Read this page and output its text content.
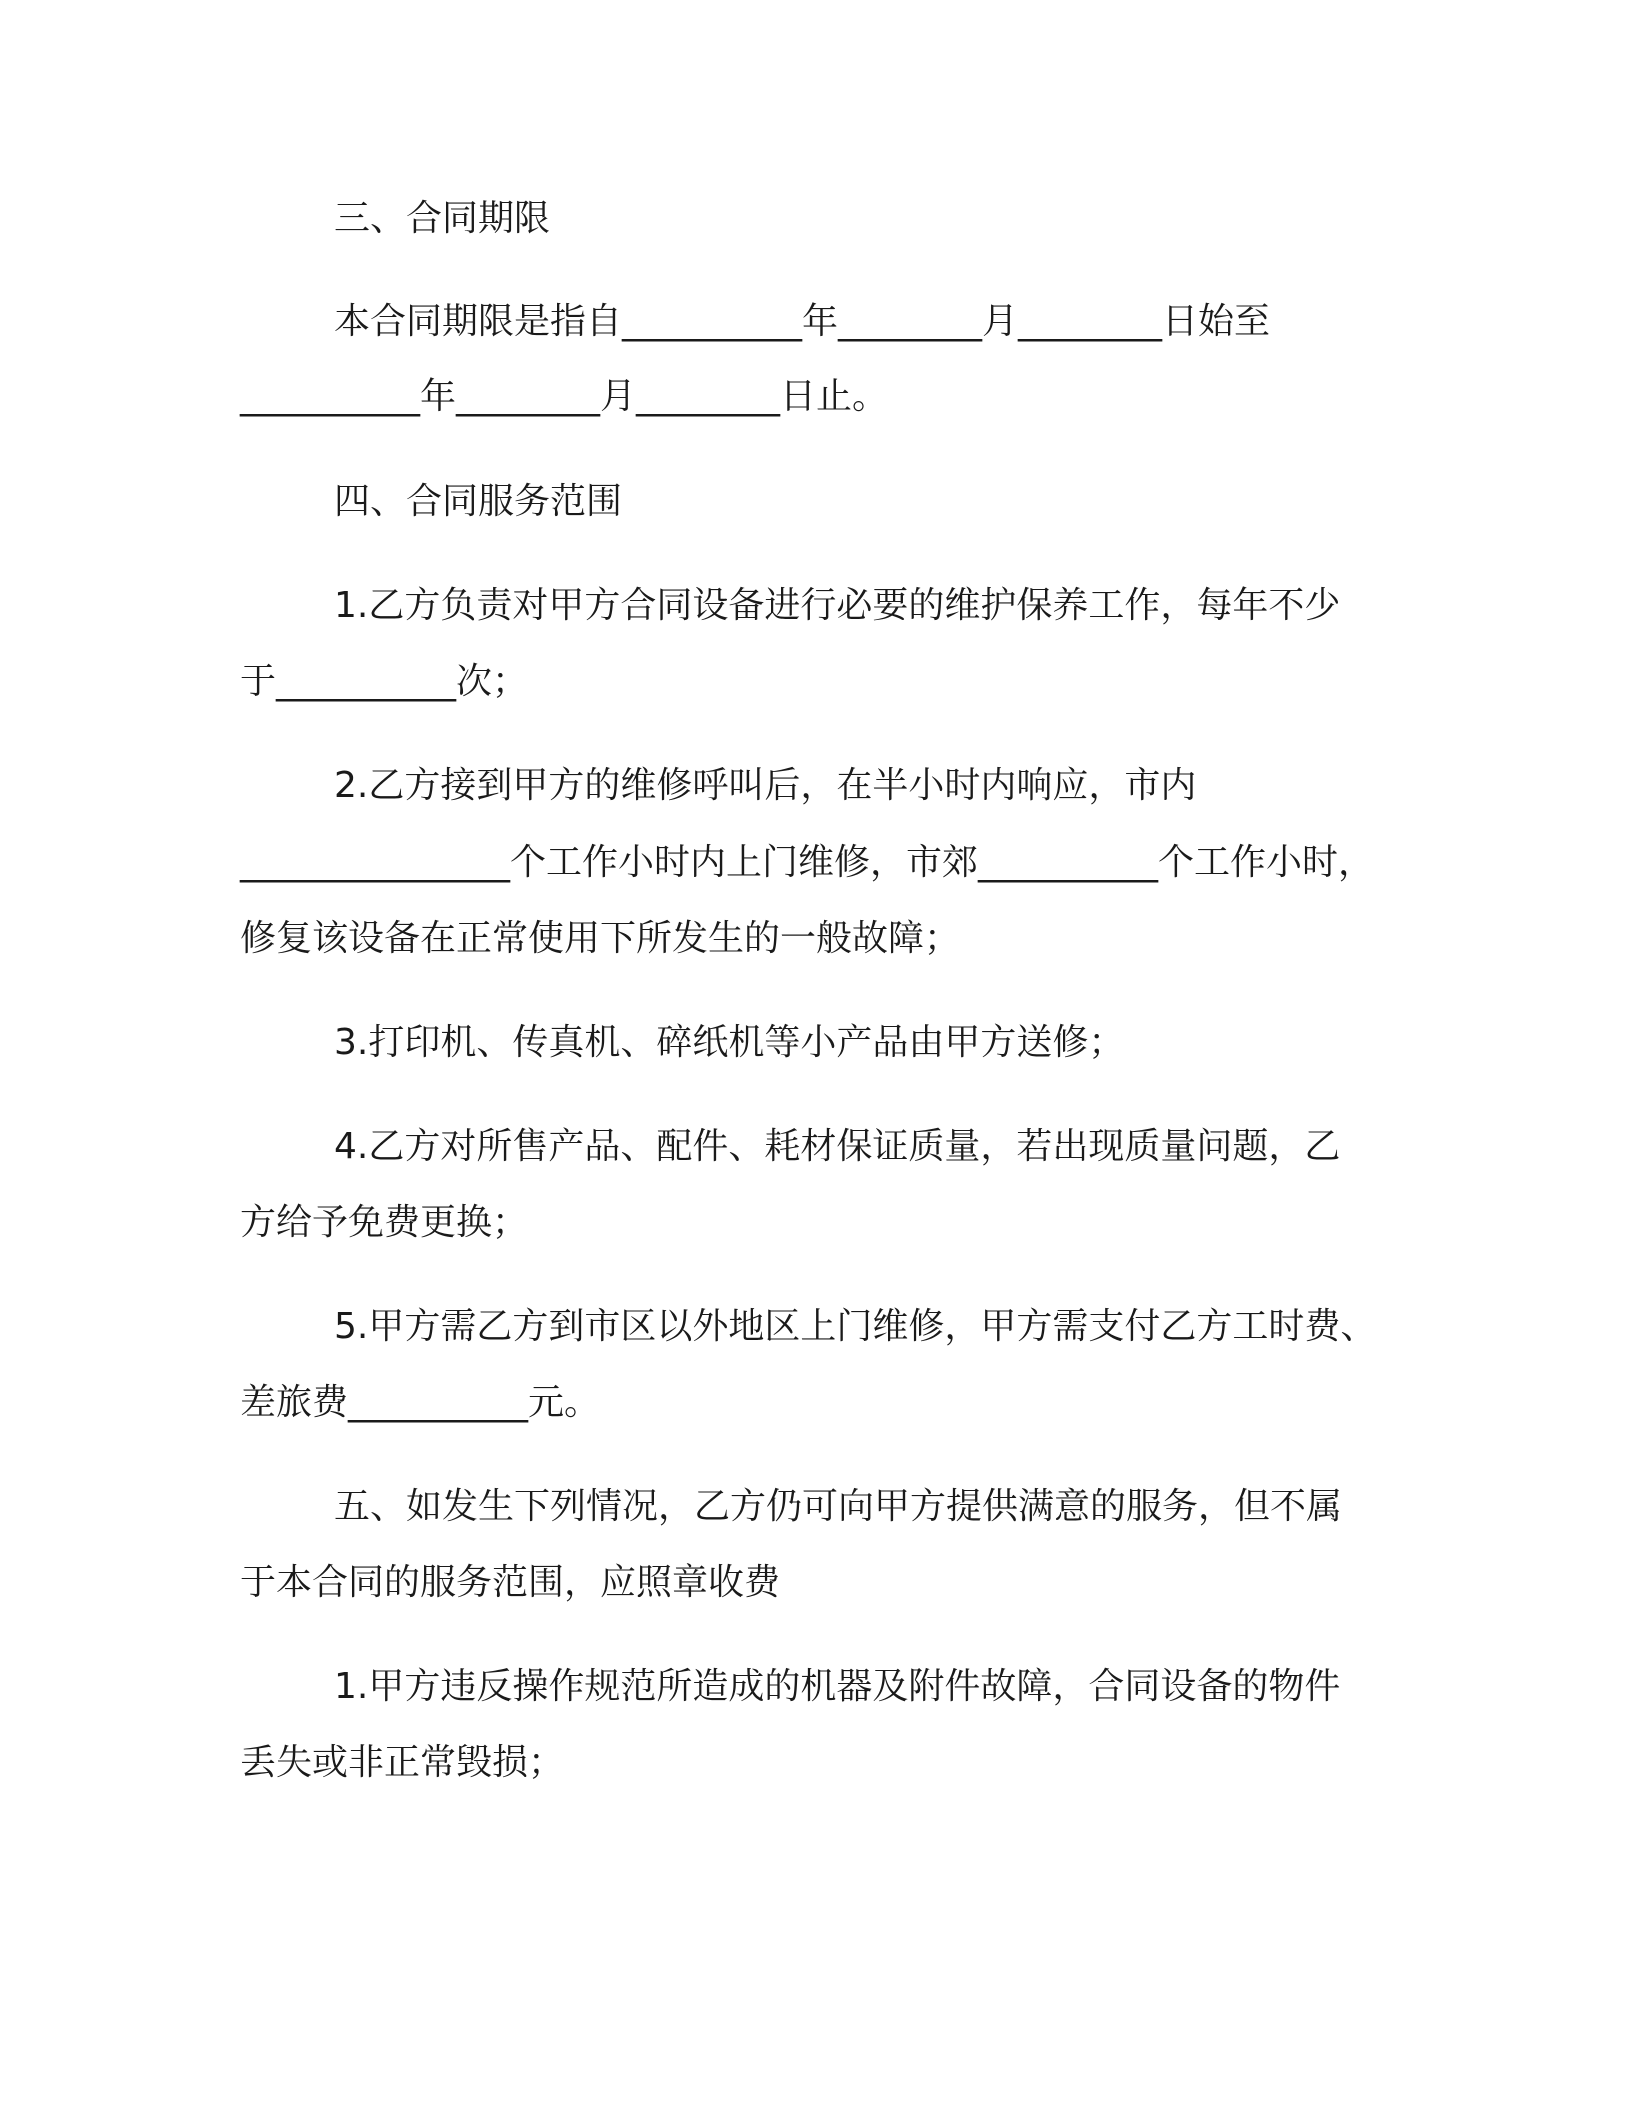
三、合同期限
本合同期限是指自__________年________月________日始至
__________年________月________日止。
四、合同服务范围
1.乙方负责对甲方合同设备进行必要的维护保养工作，每年不少
于__________次；
2.乙方接到甲方的维修呼叫后，在半小时内响应，市内
_______________个工作小时内上门维修，市郊__________个工作小时，
修复该设备在正常使用下所发生的一般故障；
3.打印机、传真机、碎纸机等小产品由甲方送修；
4.乙方对所售产品、配件、耗材保证质量，若出现质量问题，乙
方给予免费更换；
5.甲方需乙方到市区以外地区上门维修，甲方需支付乙方工时费、
差旅费__________元。
五、如发生下列情况，乙方仍可向甲方提供满意的服务，但不属
于本合同的服务范围，应照章收费
1.甲方违反操作规范所造成的机器及附件故障，合同设备的物件
丢失或非正常毁损；
